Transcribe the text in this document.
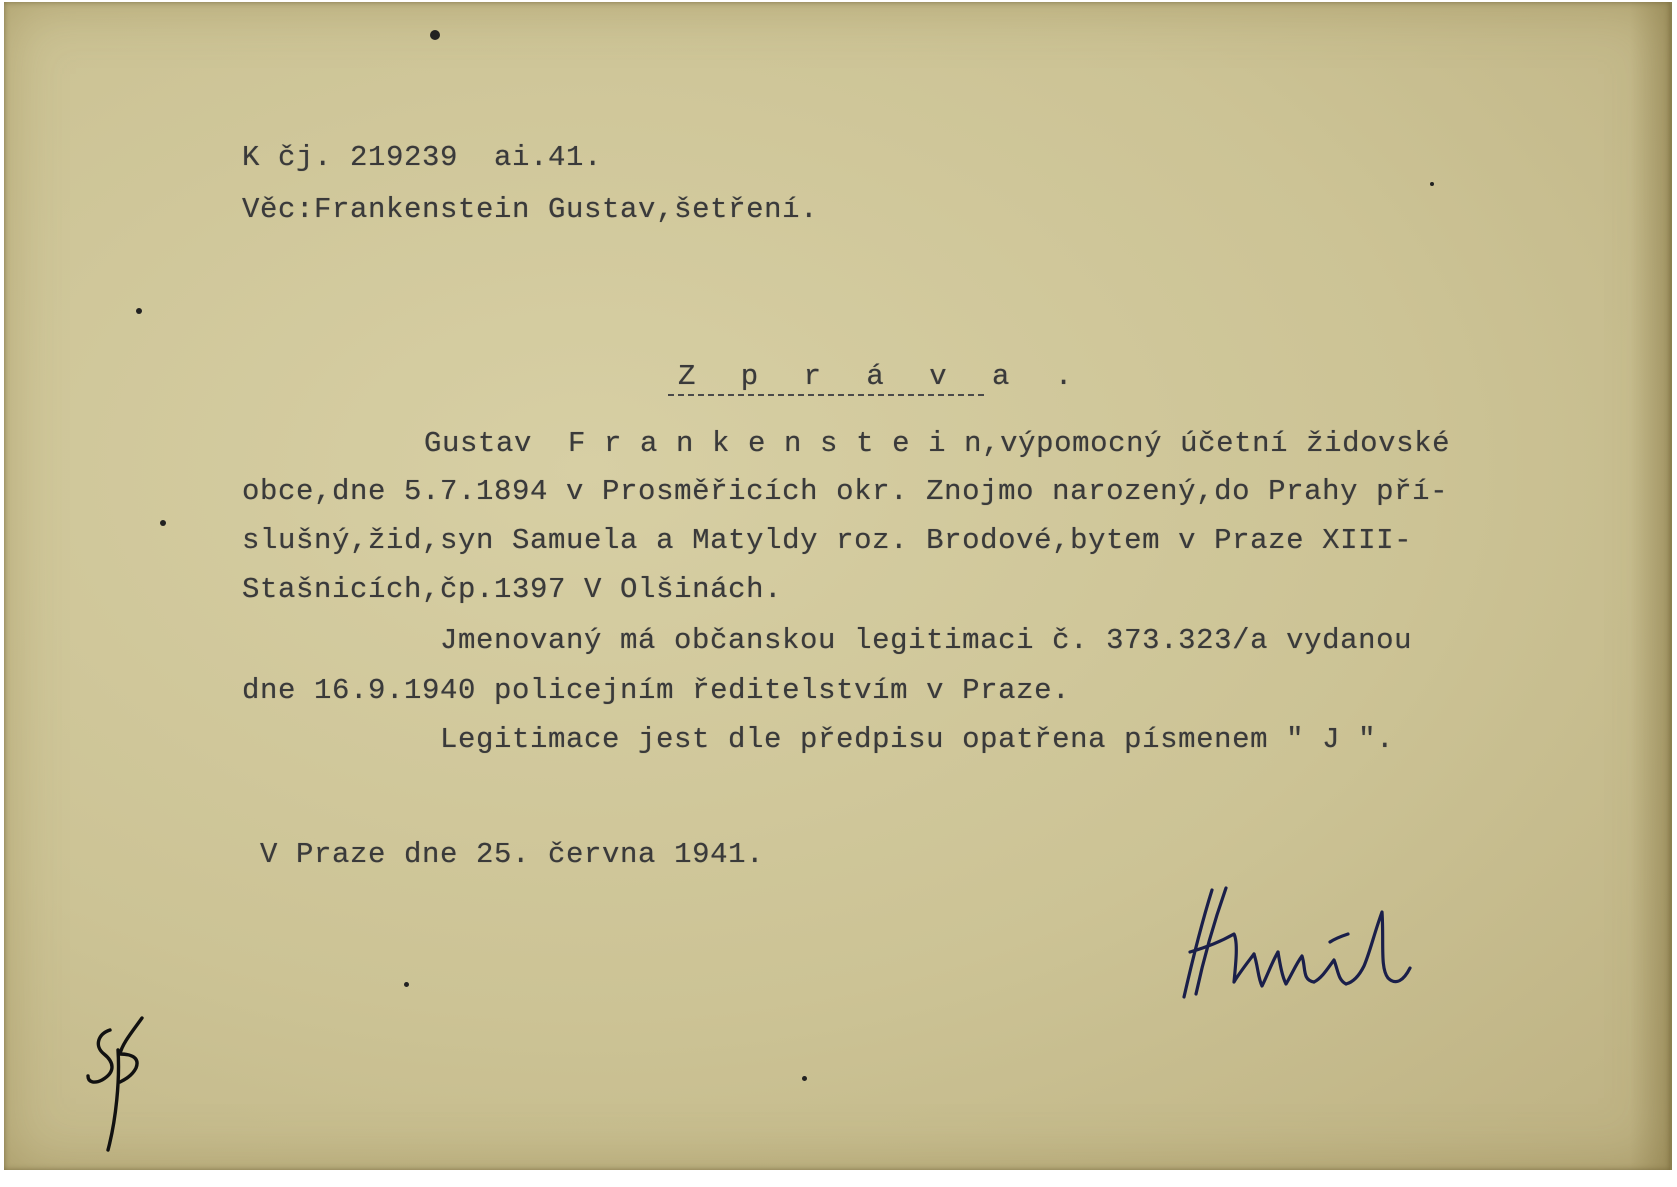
K čj. 219239  ai.41.
Věc:Frankenstein Gustav,šetření.
Z p r á v a .
Gustav  F r a n k e n s t e i n,výpomocný účetní židovské
obce,dne 5.7.1894 v Prosměřicích okr. Znojmo narozený,do Prahy pří-
slušný,žid,syn Samuela a Matyldy roz. Brodové,bytem v Praze XIII-
Stašnicích,čp.1397 V Olšinách.
Jmenovaný má občanskou legitimaci č. 373.323/a vydanou
dne 16.9.1940 policejním ředitelstvím v Praze.
Legitimace jest dle předpisu opatřena písmenem " J ".
V Praze dne 25. června 1941.
